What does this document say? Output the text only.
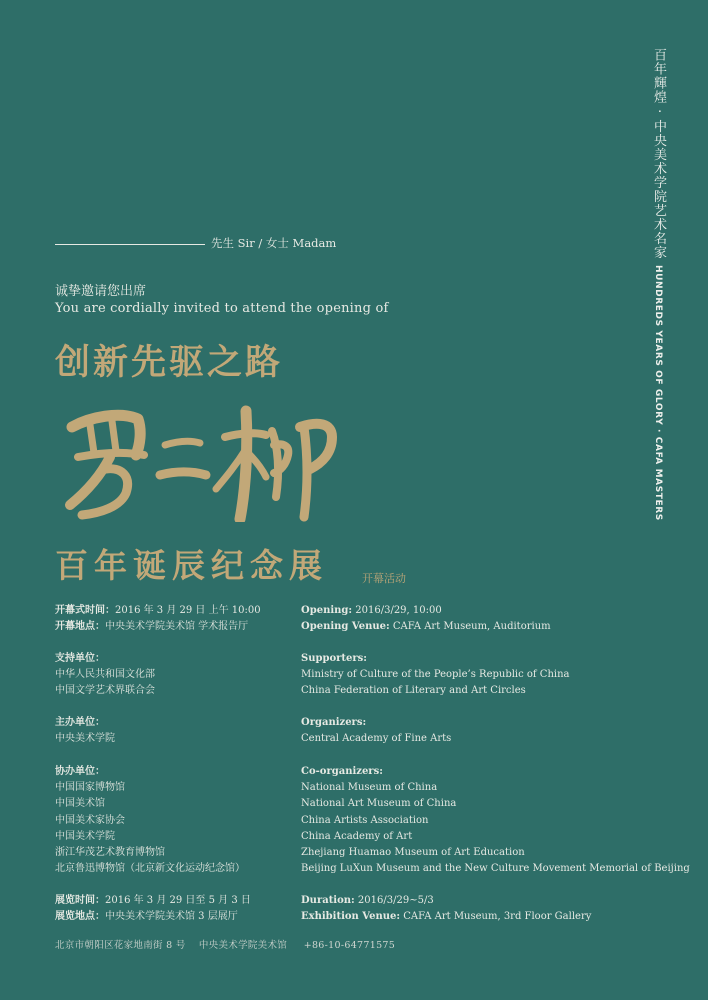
百年輝煌 · 中央美术学院艺术名家 HUNDREDS YEARS OF GLORY · CAFA MASTERS
先生 Sir / 女士 Madam
诚挚邀请您出席
You are cordially invited to attend the opening of
创新先驱之路
百年诞辰纪念展	开幕活动
开幕式时间：2016 年 3 月 29 日 上午 10:00
开幕地点：中央美术学院美术馆 学术报告厅
Opening: 2016/3/29, 10:00
Opening Venue: CAFA Art Museum, Auditorium
支持单位：
中华人民共和国文化部
中国文学艺术界联合会
Supporters:
Ministry of Culture of the People’s Republic of China
China Federation of Literary and Art Circles
主办单位：
中央美术学院
Organizers:
Central Academy of Fine Arts
协办单位：
中国国家博物馆
中国美术馆
中国美术家协会
中国美术学院
浙江华茂艺术教育博物馆
北京鲁迅博物馆（北京新文化运动纪念馆）
Co-organizers:
National Museum of China
National Art Museum of China
China Artists Association
China Academy of Art
Zhejiang Huamao Museum of Art Education
Beijing LuXun Museum and the New Culture Movement Memorial of Beijing
展览时间：2016 年 3 月 29 日至 5 月 3 日
展览地点：中央美术学院美术馆 3 层展厅
Duration: 2016/3/29~5/3
Exhibition Venue: CAFA Art Museum, 3rd Floor Gallery
北京市朝阳区花家地南街 8 号 中央美术学院美术馆 +86-10-64771575
